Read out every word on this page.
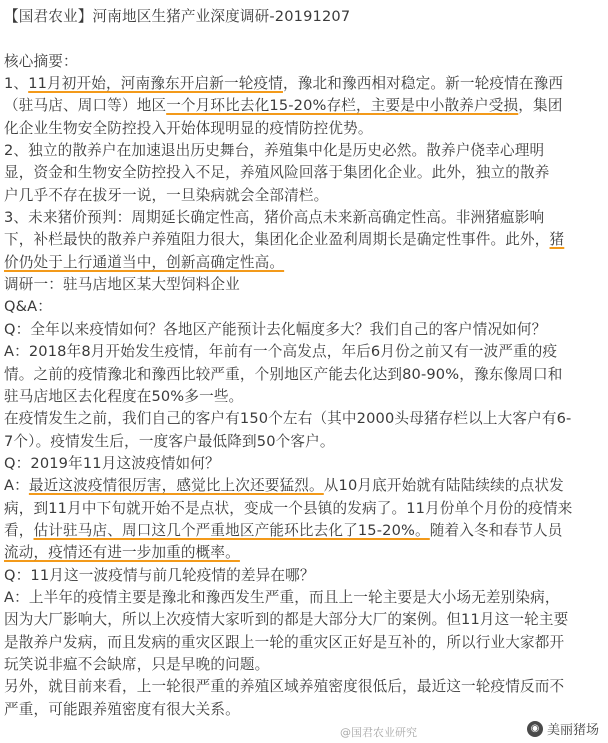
【国君农业】河南地区生猪产业深度调研-20191207
核心摘要：
1、11月初开始，河南豫东开启新一轮疫情，豫北和豫西相对稳定。新一轮疫情在豫西
（驻马店、周口等）地区一个月环比去化15-20%存栏，主要是中小散养户受损，集团
化企业生物安全防控投入开始体现明显的疫情防控优势。
2、独立的散养户在加速退出历史舞台，养殖集中化是历史必然。散养户侥幸心理明
显，资金和生物安全防控投入不足，养殖风险回落于集团化企业。此外，独立的散养
户几乎不存在拔牙一说，一旦染病就会全部清栏。
3、未来猪价预判：周期延长确定性高，猪价高点未来新高确定性高。非洲猪瘟影响
下，补栏最快的散养户养殖阻力很大，集团化企业盈利周期长是确定性事件。此外，猪
价仍处于上行通道当中，创新高确定性高。
调研一：驻马店地区某大型饲料企业
Q&A：
Q：全年以来疫情如何？各地区产能预计去化幅度多大？我们自己的客户情况如何？
A：2018年8月开始发生疫情，年前有一个高发点，年后6月份之前又有一波严重的疫
情。之前的疫情豫北和豫西比较严重，个别地区产能去化达到80-90%，豫东像周口和
驻马店地区去化程度在50%多一些。
在疫情发生之前，我们自己的客户有150个左右（其中2000头母猪存栏以上大客户有6-
7个）。疫情发生后，一度客户最低降到50个客户。
Q：2019年11月这波疫情如何？
A：最近这波疫情很厉害，感觉比上次还要猛烈。从10月底开始就有陆陆续续的点状发
病，到11月中下旬就开始不是点状，变成一个县镇的发病了。11月份单个月份的疫情来
看，估计驻马店、周口这几个严重地区产能环比去化了15-20%。随着入冬和春节人员
流动，疫情还有进一步加重的概率。
Q：11月这一波疫情与前几轮疫情的差异在哪？
A：上半年的疫情主要是豫北和豫西发生严重，而且上一轮主要是大小场无差别染病，
因为大厂影响大，所以上次疫情大家听到的都是大部分大厂的案例。但11月这一轮主要
是散养户发病，而且发病的重灾区跟上一轮的重灾区正好是互补的，所以行业大家都开
玩笑说非瘟不会缺席，只是早晚的问题。
另外，就目前来看，上一轮很严重的养殖区域养殖密度很低后，最近这一轮疫情反而不
严重，可能跟养殖密度有很大关系。
@国君农业研究	◉ 美丽猪场
